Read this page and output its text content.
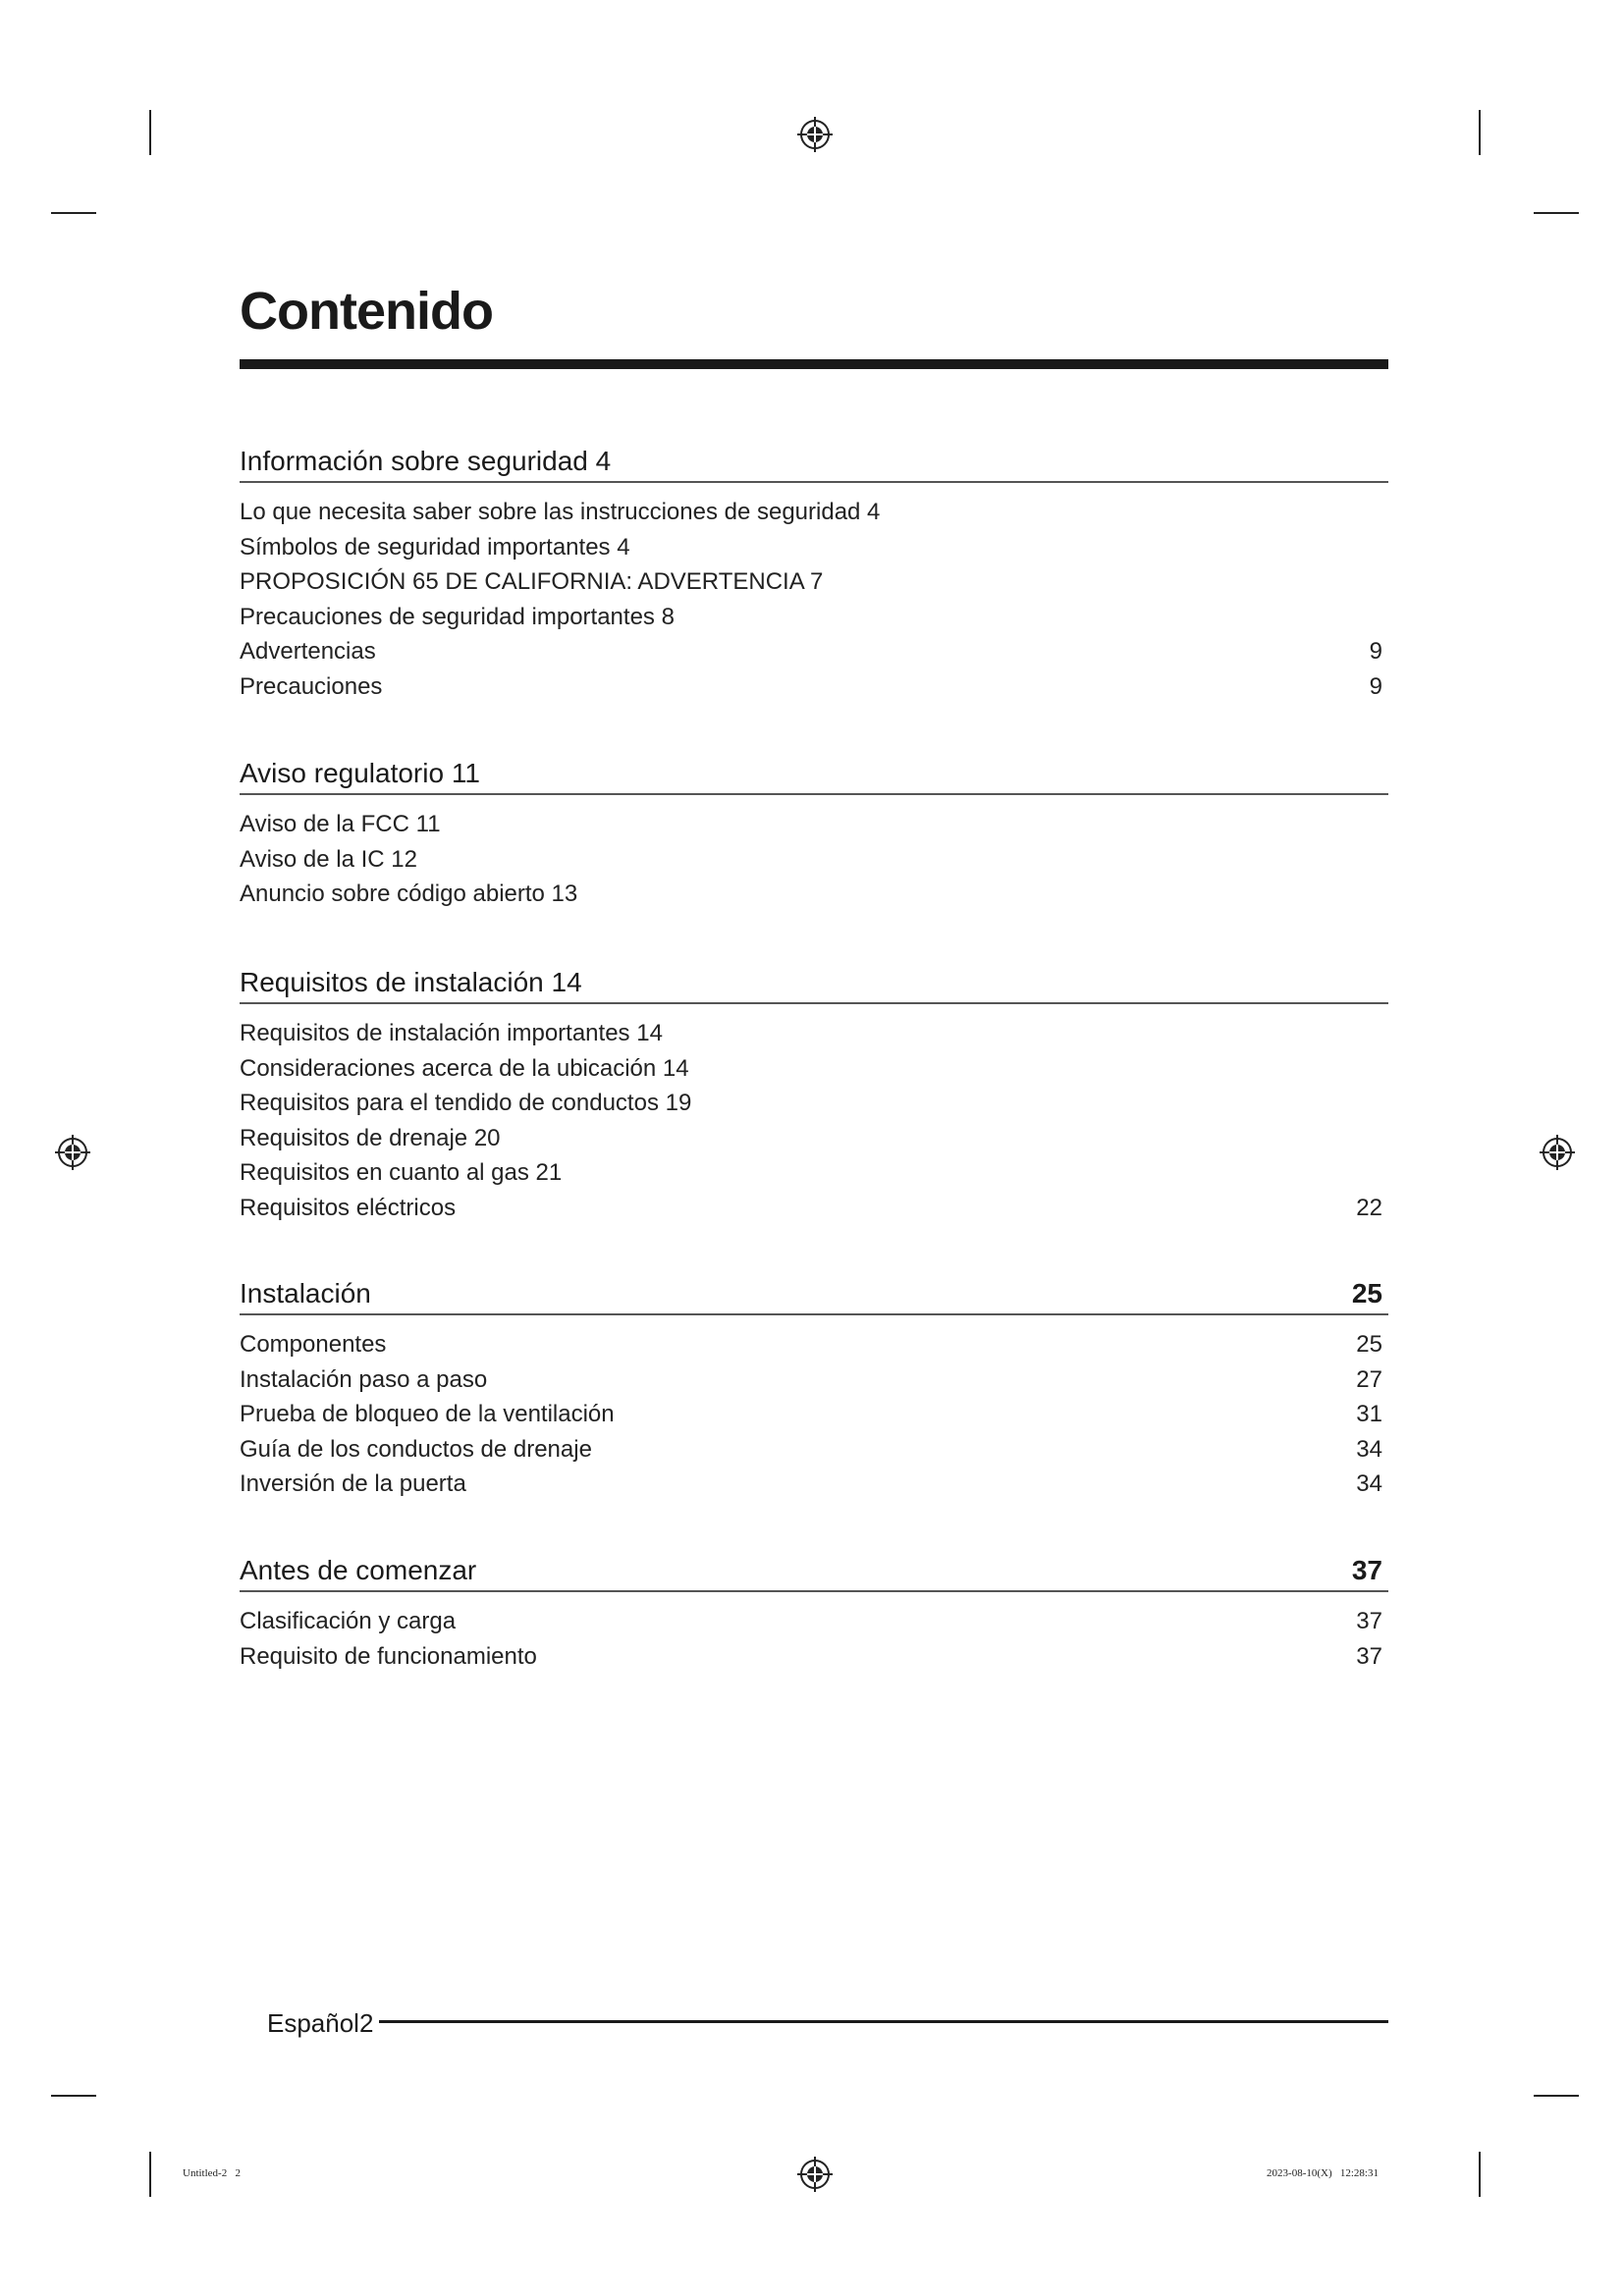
Contenido
Información sobre seguridad 4
Lo que necesita saber sobre las instrucciones de seguridad 4
Símbolos de seguridad importantes 4
PROPOSICIÓN 65 DE CALIFORNIA: ADVERTENCIA 7
Precauciones de seguridad importantes 8
Advertencias	9
Precauciones	9
Aviso regulatorio 11
Aviso de la FCC 11
Aviso de la IC 12
Anuncio sobre código abierto 13
Requisitos de instalación 14
Requisitos de instalación importantes 14
Consideraciones acerca de la ubicación 14
Requisitos para el tendido de conductos 19
Requisitos de drenaje 20
Requisitos en cuanto al gas 21
Requisitos eléctricos	22
Instalación	25
Componentes	25
Instalación paso a paso	27
Prueba de bloqueo de la ventilación	31
Guía de los conductos de drenaje	34
Inversión de la puerta	34
Antes de comenzar	37
Clasificación y carga	37
Requisito de funcionamiento	37
Español2
Untitled-2   2	2023-08-10(X)   12:28:31
